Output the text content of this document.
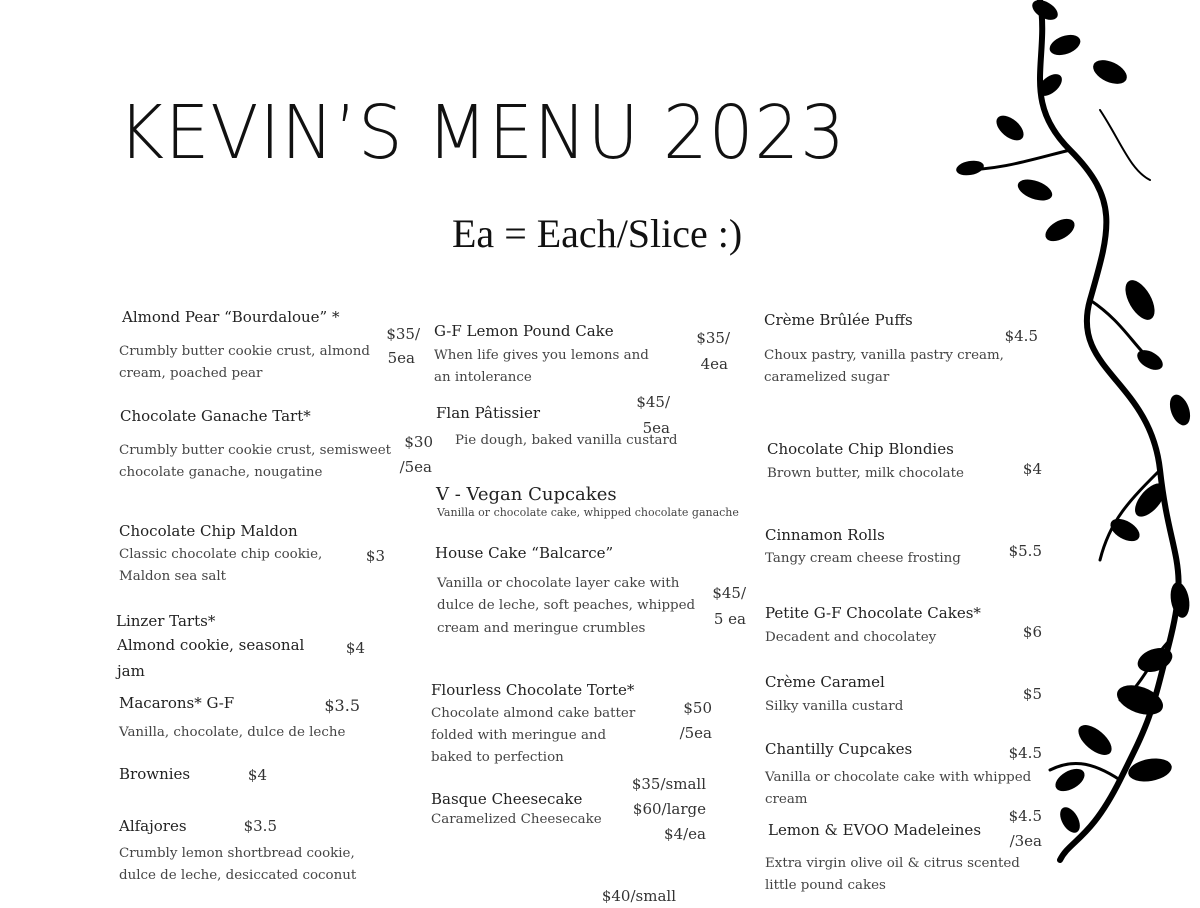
KEVIN’S MENU 2023
Ea = Each/Slice :)
Almond Pear “Bourdaloue” *
Crumbly butter cookie crust, almond
cream, poached pear
$35/
5ea
Chocolate Ganache Tart*
Crumbly butter cookie crust, semisweet
chocolate ganache, nougatine
$30
/5ea
Chocolate Chip Maldon
Classic chocolate chip cookie,
Maldon sea salt
$3
Linzer Tarts*
Almond cookie, seasonal
jam
$4
Macarons* G-F
Vanilla, chocolate, dulce de leche
$3.5
Brownies	$4
Alfajores
Crumbly lemon shortbread cookie,
dulce de leche, desiccated coconut
$3.5
G-F Lemon Pound Cake
When life gives you lemons and
an intolerance
$35/
4ea
Flan Pâtissier
Pie dough, baked vanilla custard
$45/
5ea
V - Vegan Cupcakes
Vanilla or chocolate cake, whipped chocolate ganache
House Cake “Balcarce”
Vanilla or chocolate layer cake with
dulce de leche, soft peaches, whipped
cream and meringue crumbles
$45/
5 ea
Flourless Chocolate Torte*
Chocolate almond cake batter
folded with meringue and
baked to perfection
$50
/5ea
Basque Cheesecake
Caramelized Cheesecake
$35/small
$60/large
$4/ea
$40/small
Crème Brûlée Puffs
Choux pastry, vanilla pastry cream,
caramelized sugar
$4.5
Chocolate Chip Blondies
Brown butter, milk chocolate	$4
Cinnamon Rolls
Tangy cream cheese frosting	$5.5
Petite G-F Chocolate Cakes*
Decadent and chocolatey	$6
Crème Caramel
Silky vanilla custard
$5
Chantilly Cupcakes
Vanilla or chocolate cake with whipped
cream
$4.5
Lemon & EVOO Madeleines
Extra virgin olive oil & citrus scented
little pound cakes
$4.5
/3ea
